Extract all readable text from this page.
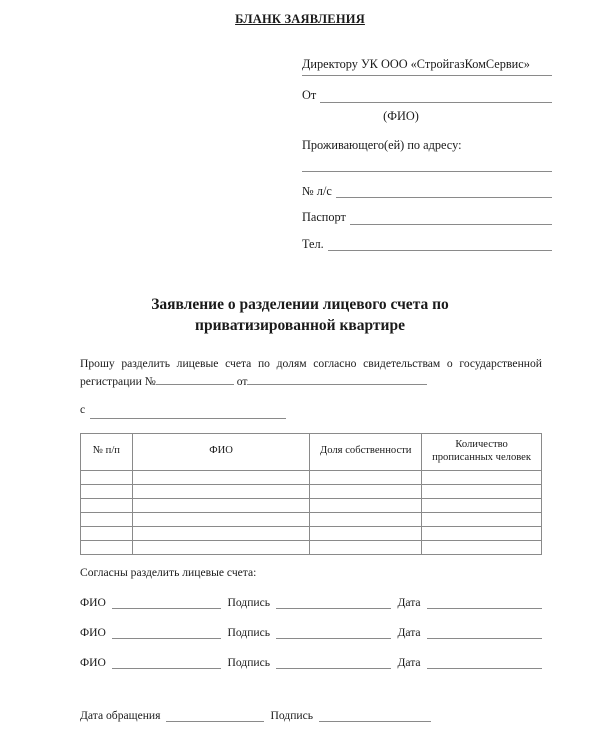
БЛАНК ЗАЯВЛЕНИЯ
Директору УК ООО «СтройгазКомСервис»
От
(ФИО)
Проживающего(ей) по адресу:
№ л/с
Паспорт
Тел.
Заявление о разделении лицевого счета по
приватизированной квартире
Прошу разделить лицевые счета по долям согласно свидетельствам о государственной регистрации №	от
с
№ п/п	ФИО	Доля собственности	Количество
прописанных человек

Согласны разделить лицевые счета:
ФИО	Подпись	Дата
ФИО	Подпись	Дата
ФИО	Подпись	Дата
Дата обращения	Подпись
